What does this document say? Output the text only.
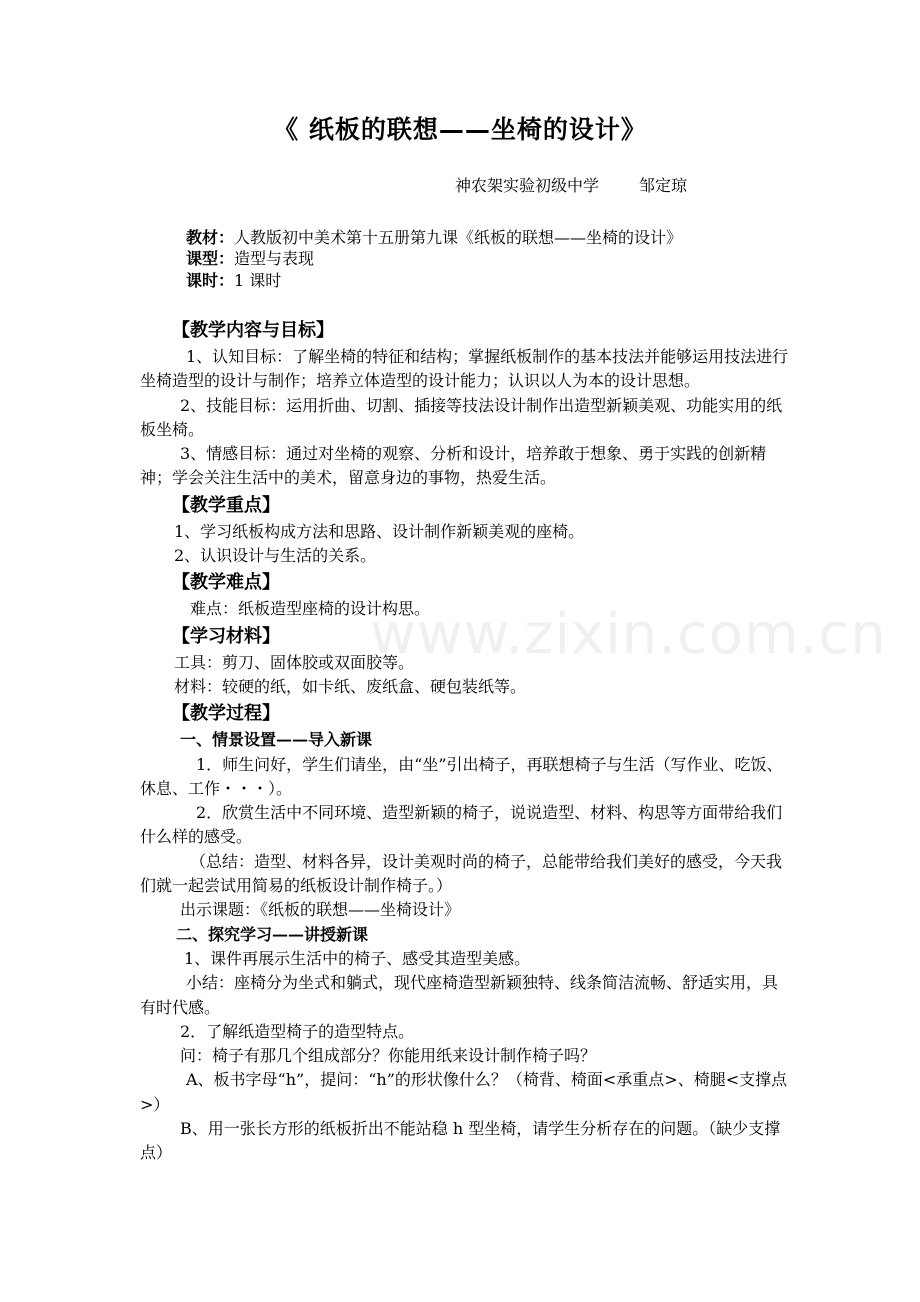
《 纸板的联想——坐椅的设计》
神农架实验初级中学	邹定琼
教材：人教版初中美术第十五册第九课《纸板的联想——坐椅的设计》
课型：造型与表现
课时：1 课时
【教学内容与目标】

1、认知目标：了解坐椅的特征和结构；掌握纸板制作的基本技法并能够运用技法进行坐椅造型的设计与制作；培养立体造型的设计能力；认识以人为本的设计思想。

2、技能目标：运用折曲、切割、插接等技法设计制作出造型新颖美观、功能实用的纸板坐椅。

3、情感目标：通过对坐椅的观察、分析和设计，培养敢于想象、勇于实践的创新精神；学会关注生活中的美术，留意身边的事物，热爱生活。

【教学重点】

1、学习纸板构成方法和思路、设计制作新颖美观的座椅。

2、认识设计与生活的关系。

【教学难点】

难点：纸板造型座椅的设计构思。

【学习材料】

工具：剪刀、固体胶或双面胶等。

材料：较硬的纸，如卡纸、废纸盒、硬包装纸等。

【教学过程】

一、情景设置——导入新课

1．师生问好，学生们请坐，由“坐”引出椅子，再联想椅子与生活（写作业、吃饭、休息、工作・・・）。

2．欣赏生活中不同环境、造型新颖的椅子，说说造型、材料、构思等方面带给我们什么样的感受。

（总结：造型、材料各异，设计美观时尚的椅子，总能带给我们美好的感受，今天我们就一起尝试用简易的纸板设计制作椅子。）

出示课题：《纸板的联想——坐椅设计》

二、探究学习——讲授新课

1、课件再展示生活中的椅子、感受其造型美感。

小结：座椅分为坐式和躺式，现代座椅造型新颖独特、线条简洁流畅、舒适实用，具有时代感。

2．了解纸造型椅子的造型特点。

问：椅子有那几个组成部分？你能用纸来设计制作椅子吗？

A、板书字母“h”，提问：“h”的形状像什么？（椅背、椅面<承重点>、椅腿<支撑点>）

B、用一张长方形的纸板折出不能站稳 h 型坐椅，请学生分析存在的问题。（缺少支撑点）

www.zixin.com.cn
